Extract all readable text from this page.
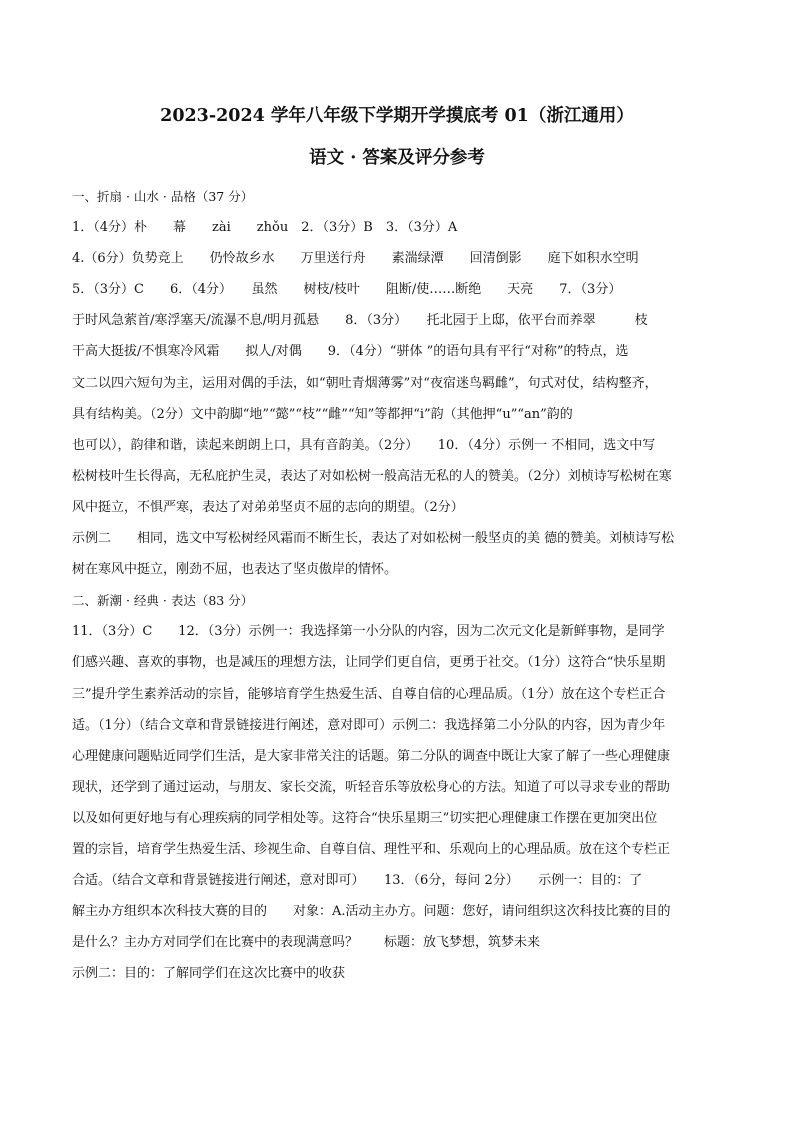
2023-2024 学年八年级下学期开学摸底考 01（浙江通用）
语文 · 答案及评分参考
一、折扇 · 山水 · 品格（37 分）
1．（4分）朴　　幕　　zài　　zhǒu　2．（3分）B　3．（3分）A
4.（6分）负势竞上　　仍怜故乡水　　万里送行舟　　素湍绿潭　　回清倒影　　庭下如积水空明
5．（3分）C　　6．（4分）　　虽然　　树枝/枝叶　　阻断/使……断绝　　天亮　　7．（3分）
于时风急萦首/寒浮塞天/流瀑不息/明月孤悬　　8．（3分）　　托北园于上邸，依平台而养翠　　　枝
干高大挺拔/不惧寒冷风霜　　拟人/对偶　　9．（4分）“骈体 ”的语句具有平行“对称”的特点，选
文二以四六短句为主，运用对偶的手法，如“朝吐青烟薄雾”对“夜宿迷鸟羁雌”，句式对仗，结构整齐，
具有结构美。（2分）文中韵脚“地”“懿”“枝”“雌”“知”等都押“i”韵（其他押“u”“an”韵的
也可以），韵律和谐，读起来朗朗上口，具有音韵美。（2分）　　10．（4分）示例一 不相同，选文中写
松树枝叶生长得高，无私庇护生灵，表达了对如松树一般高洁无私的人的赞美。（2分）刘桢诗写松树在寒
风中挺立，不惧严寒，表达了对弟弟坚贞不屈的志向的期望。（2分）
示例二　　相同，选文中写松树经风霜而不断生长，表达了对如松树一般坚贞的美 德的赞美。刘桢诗写松
树在寒风中挺立，刚劲不屈，也表达了坚贞傲岸的情怀。
二、新潮 · 经典 · 表达（83 分）
11．（3分）C　　12．（3分）示例一：我选择第一小分队的内容，因为二次元文化是新鲜事物，是同学
们感兴趣、喜欢的事物，也是减压的理想方法，让同学们更自信，更勇于社交。（1分）这符合“快乐星期
三”提升学生素养活动的宗旨，能够培育学生热爱生活、自尊自信的心理品质。（1分）放在这个专栏正合
适。（1分）（结合文章和背景链接进行阐述，意对即可）示例二：我选择第二小分队的内容，因为青少年
心理健康问题贴近同学们生活，是大家非常关注的话题。第二分队的调查中既让大家了解了一些心理健康
现状，还学到了通过运动，与朋友、家长交流，听轻音乐等放松身心的方法。知道了可以寻求专业的帮助
以及如何更好地与有心理疾病的同学相处等。这符合“快乐星期三”切实把心理健康工作摆在更加突出位
置的宗旨，培育学生热爱生活、珍视生命、自尊自信、理性平和、乐观向上的心理品质。放在这个专栏正
合适。（结合文章和背景链接进行阐述，意对即可）　　13．（6分，每问 2分）　　示例一：目的：了
解主办方组织本次科技大赛的目的　　对象：A.活动主办方。问题：您好，请问组织这次科技比赛的目的
是什么？主办方对同学们在比赛中的表现满意吗？　　标题：放飞梦想，筑梦未来
示例二：目的：了解同学们在这次比赛中的收获
